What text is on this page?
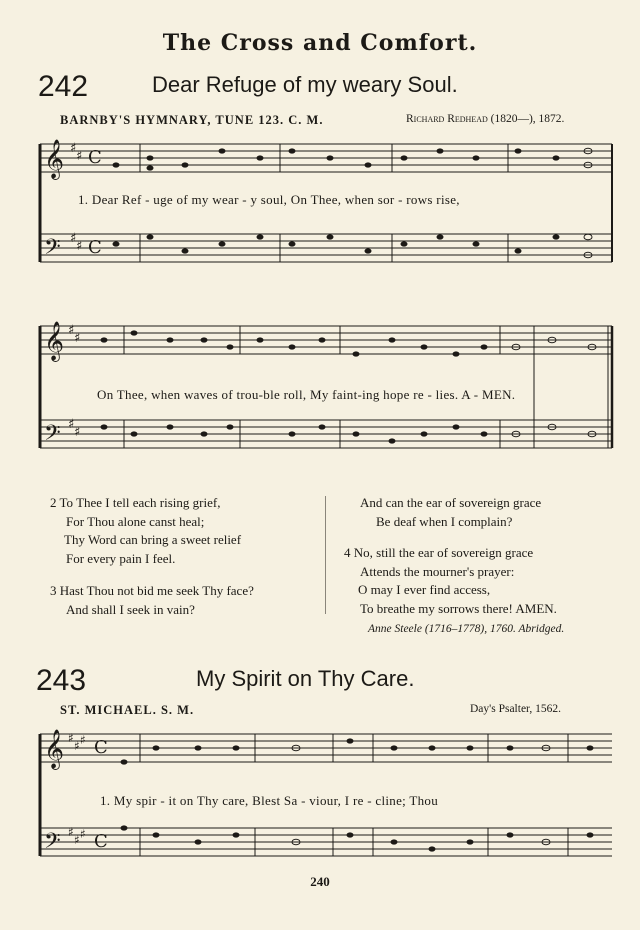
The Cross and Comfort.
242	Dear Refuge of my weary Soul.
BARNBY'S HYMNARY, TUNE 123. C. M.	Richard Redhead (1820—), 1872.
𝄞
𝄢
♯
♯
♯
♯
C
C
1. Dear Ref - uge of my wear - y soul, On Thee, when sor - rows rise,
𝄞
𝄢
♯
♯
♯
♯
On Thee, when waves of trou-ble roll, My faint-ing hope re - lies. A - MEN.
2 To Thee I tell each rising grief,
For Thou alone canst heal;
Thy Word can bring a sweet relief
For every pain I feel.
3 Hast Thou not bid me seek Thy face?
And shall I seek in vain?
And can the ear of sovereign grace
Be deaf when I complain?
4 No, still the ear of sovereign grace
Attends the mourner's prayer:
O may I ever find access,
To breathe my sorrows there! AMEN.
Anne Steele (1716–1778), 1760. Abridged.
243	My Spirit on Thy Care.
ST. MICHAEL. S. M.	Day's Psalter, 1562.
𝄞
𝄢
♯
♯ ♯
♯
♯ ♯
C
C
1. My spir - it on Thy care, Blest Sa - viour, I re - cline; Thou
240
